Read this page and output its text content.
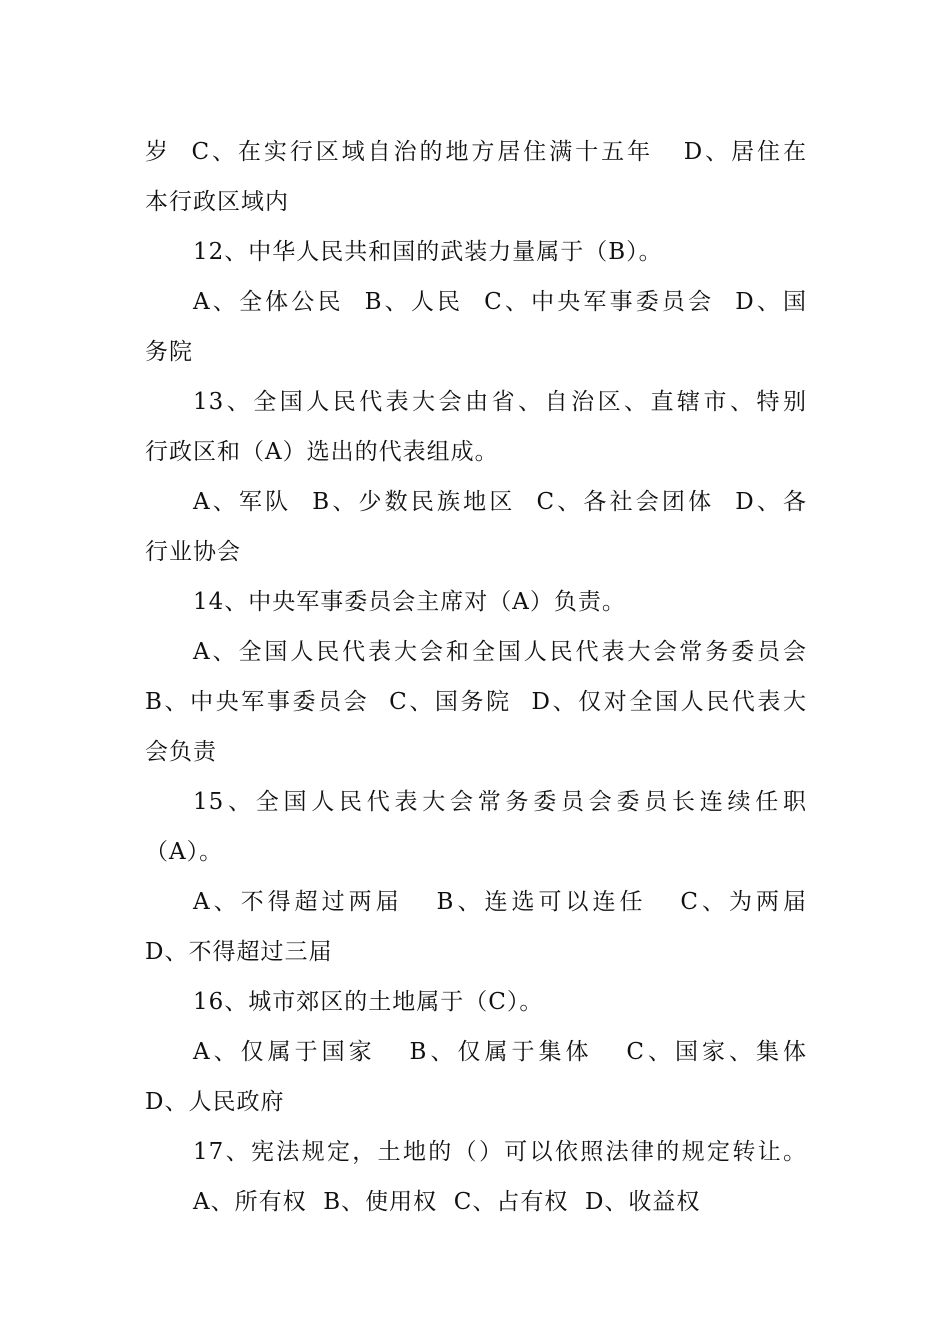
岁  C、在实行区域自治的地方居住满十五年   D、居住在
本行政区域内
12、中华人民共和国的武装力量属于（B）。
A、全体公民  B、人民  C、中央军事委员会  D、国
务院
13、全国人民代表大会由省、自治区、直辖市、特别
行政区和（A）选出的代表组成。
A、军队  B、少数民族地区  C、各社会团体  D、各
行业协会
14、中央军事委员会主席对（A）负责。
A、全国人民代表大会和全国人民代表大会常务委员会
B、中央军事委员会  C、国务院  D、仅对全国人民代表大
会负责
15、全国人民代表大会常务委员会委员长连续任职
（A）。
A、不得超过两届   B、连选可以连任   C、为两届
D、不得超过三届
16、城市郊区的土地属于（C）。
A、仅属于国家   B、仅属于集体   C、国家、集体
D、人民政府
17、宪法规定，土地的（）可以依照法律的规定转让。
A、所有权  B、使用权  C、占有权  D、收益权
